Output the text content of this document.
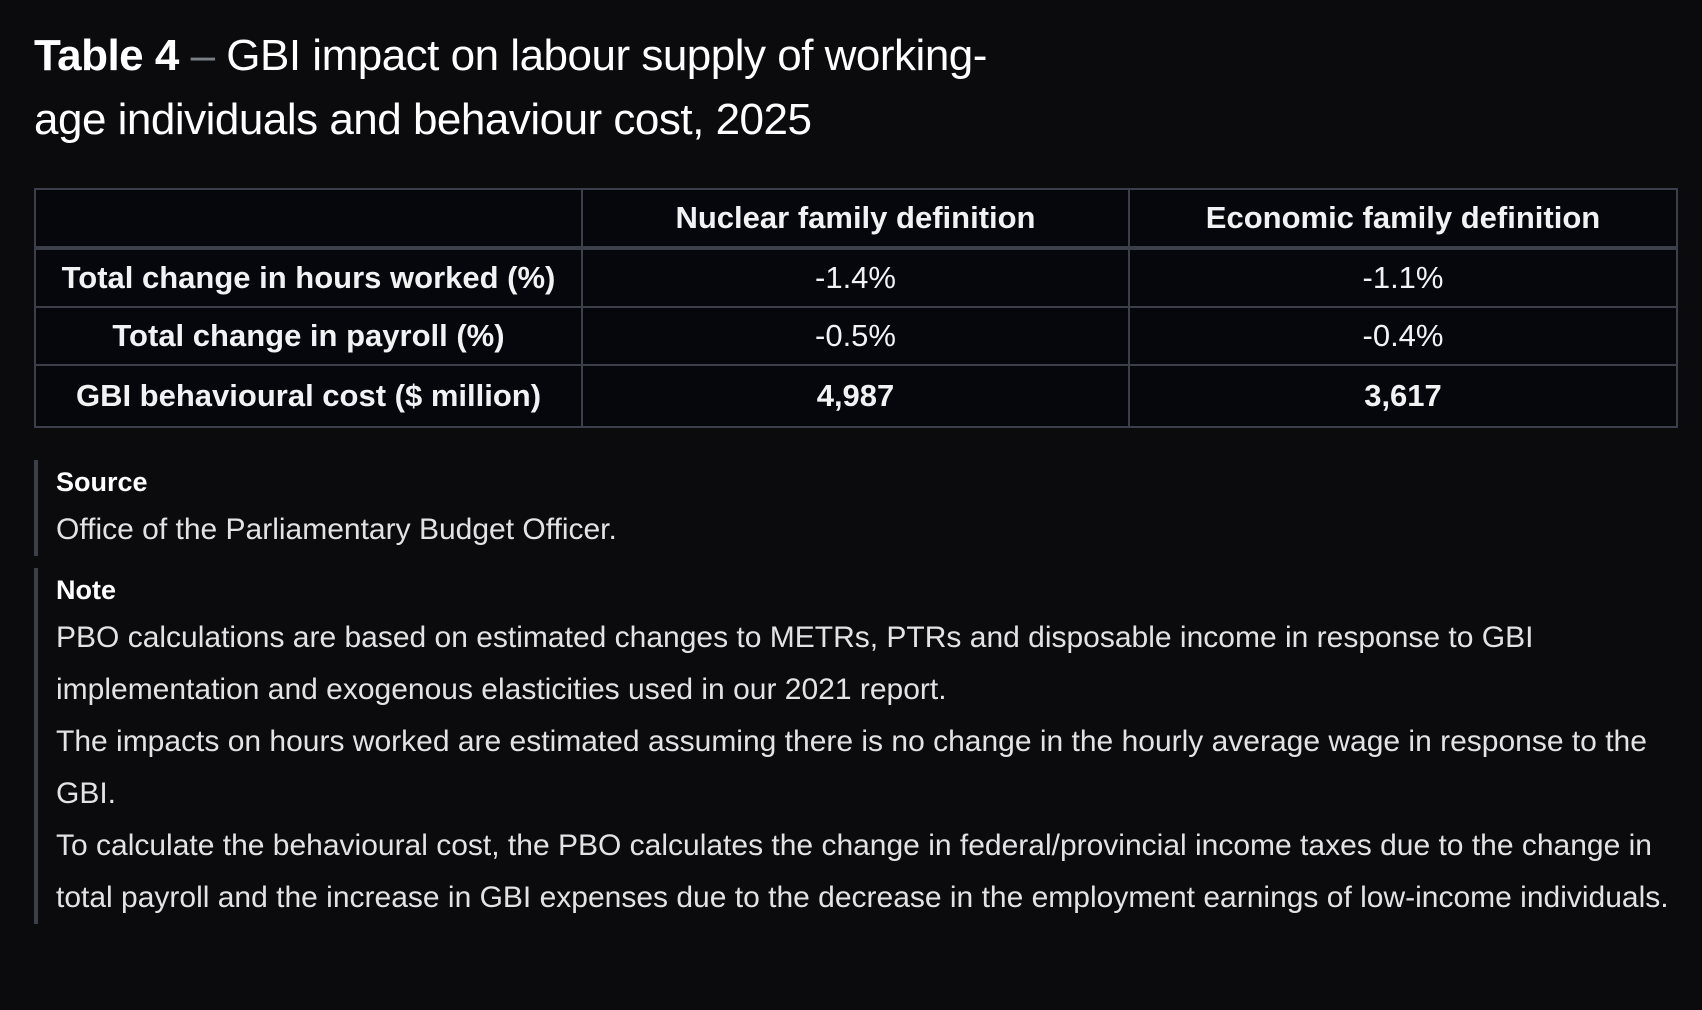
Table 4 – GBI impact on labour supply of working-age individuals and behaviour cost, 2025
	Nuclear family definition	Economic family definition
Total change in hours worked (%)	-1.4%	-1.1%
Total change in payroll (%)	-0.5%	-0.4%
GBI behavioural cost ($ million)	4,987	3,617
Source
Office of the Parliamentary Budget Officer.
Note

PBO calculations are based on estimated changes to METRs, PTRs and disposable income in response to GBI implementation and exogenous elasticities used in our 2021 report.

The impacts on hours worked are estimated assuming there is no change in the hourly average wage in response to the GBI.

To calculate the behavioural cost, the PBO calculates the change in federal/provincial income taxes due to the change in total payroll and the increase in GBI expenses due to the decrease in the employment earnings of low-income individuals.
